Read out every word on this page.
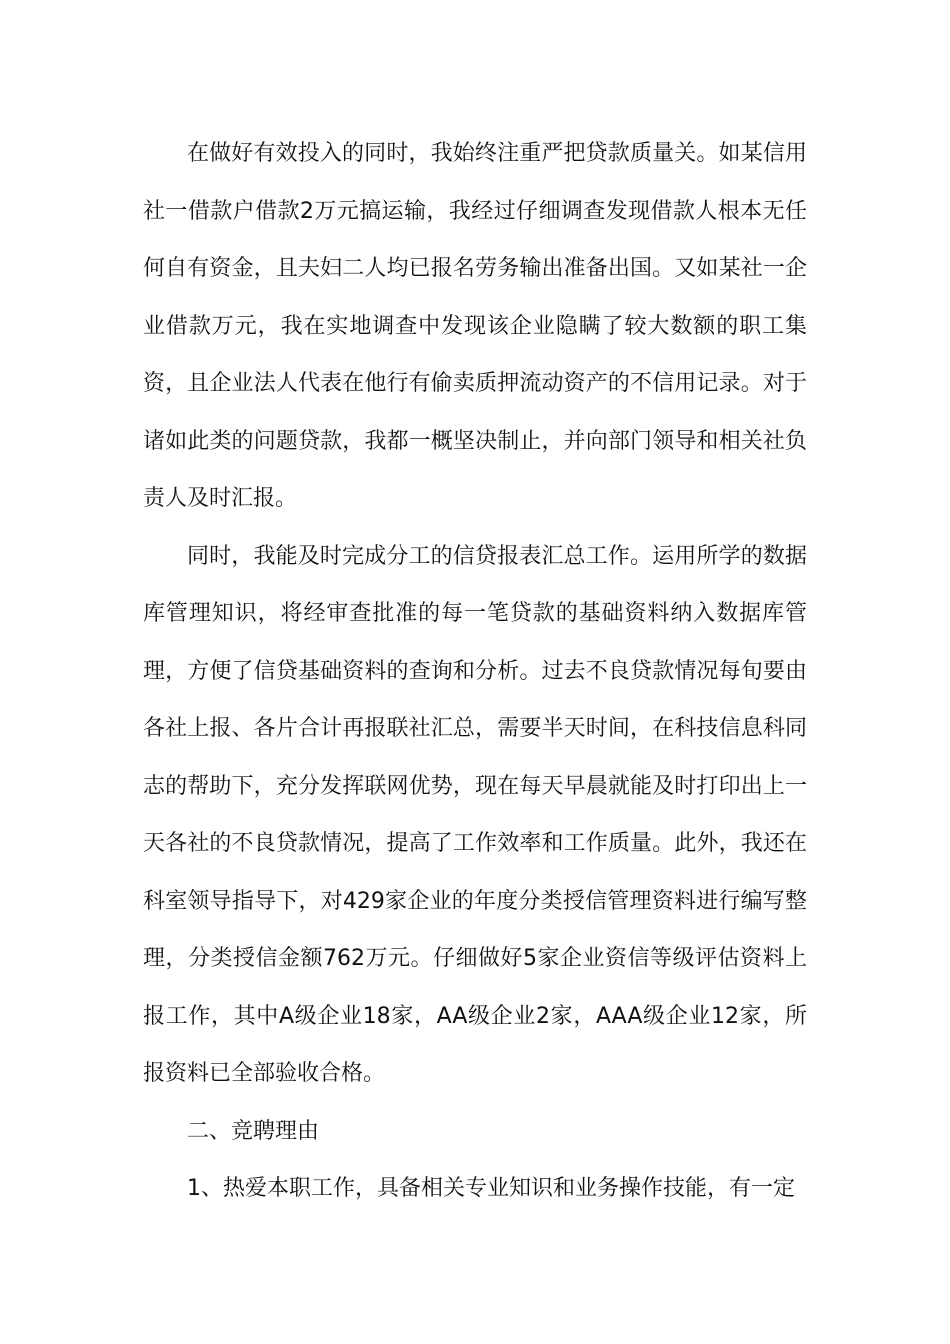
在做好有效投入的同时，我始终注重严把贷款质量关。如某信用社一借款户借款2万元搞运输，我经过仔细调查发现借款人根本无任何自有资金，且夫妇二人均已报名劳务输出准备出国。又如某社一企业借款万元，我在实地调查中发现该企业隐瞒了较大数额的职工集资，且企业法人代表在他行有偷卖质押流动资产的不信用记录。对于诸如此类的问题贷款，我都一概坚决制止，并向部门领导和相关社负责人及时汇报。

同时，我能及时完成分工的信贷报表汇总工作。运用所学的数据库管理知识，将经审查批准的每一笔贷款的基础资料纳入数据库管理，方便了信贷基础资料的查询和分析。过去不良贷款情况每旬要由各社上报、各片合计再报联社汇总，需要半天时间，在科技信息科同志的帮助下，充分发挥联网优势，现在每天早晨就能及时打印出上一天各社的不良贷款情况，提高了工作效率和工作质量。此外，我还在科室领导指导下，对429家企业的年度分类授信管理资料进行编写整理，分类授信金额762万元。仔细做好5家企业资信等级评估资料上报工作，其中A级企业18家，AA级企业2家，AAA级企业12家，所报资料已全部验收合格。

二、竞聘理由

1、热爱本职工作，具备相关专业知识和业务操作技能，有一定
